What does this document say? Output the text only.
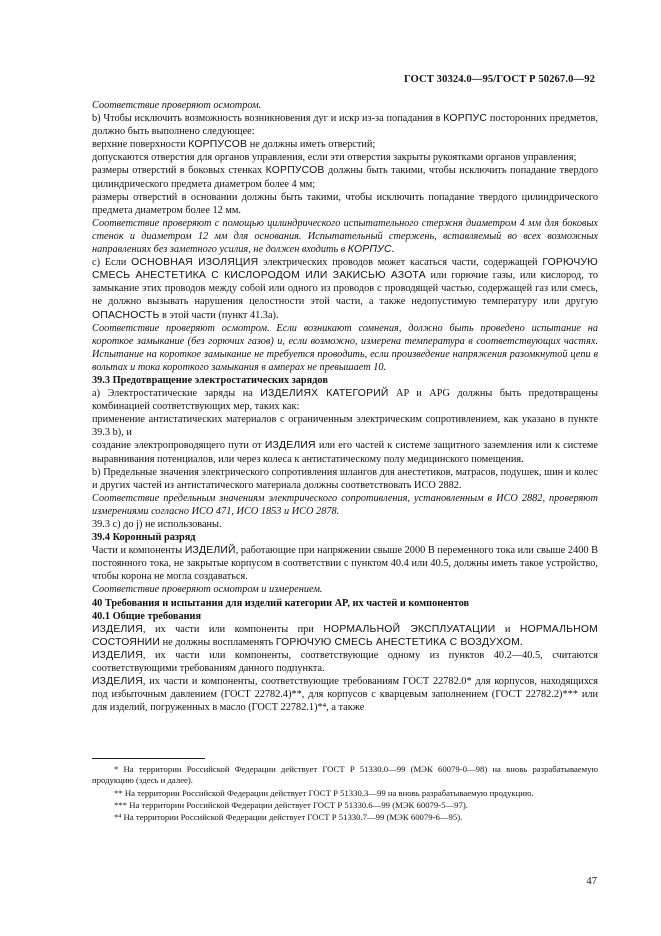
ГОСТ 30324.0—95/ГОСТ Р 50267.0—92

Соответствие проверяют осмотром.

b) Чтобы исключить возможность возникновения дуг и искр из-за попадания в КОРПУС посторонних предметов, должно быть выполнено следующее:

верхние поверхности КОРПУСОВ не должны иметь отверстий;

допускаются отверстия для органов управления, если эти отверстия закрыты рукоятками органов управления;

размеры отверстий в боковых стенках КОРПУСОВ должны быть такими, чтобы исключить попадание твердого цилиндрического предмета диаметром более 4 мм;

размеры отверстий в основании должны быть такими, чтобы исключить попадание твердого цилиндрического предмета диаметром более 12 мм.

Соответствие проверяют с помощью цилиндрического испытательного стержня диаметром 4 мм для боковых стенок и диаметром 12 мм для основания. Испытательный стержень, вставляемый во всех возможных направлениях без заметного усилия, не должен входить в КОРПУС.

c) Если ОСНОВНАЯ ИЗОЛЯЦИЯ электрических проводов может касаться части, содержащей ГОРЮЧУЮ СМЕСЬ АНЕСТЕТИКА С КИСЛОРОДОМ ИЛИ ЗАКИСЬЮ АЗОТА или горючие газы, или кислород, то замыкание этих проводов между собой или одного из проводов с проводящей частью, содержащей газ или смесь, не должно вызывать нарушения целостности этой части, а также недопустимую температуру или другую ОПАСНОСТЬ в этой части (пункт 41.3а).

Соответствие проверяют осмотром. Если возникают сомнения, должно быть проведено испытание на короткое замыкание (без горючих газов) и, если возможно, измерена температура в соответствующих частях. Испытание на короткое замыкание не требуется проводить, если произведение напряжения разомкнутой цепи в вольтах и тока короткого замыкания в амперах не превышает 10.

39.3 Предотвращение электростатических зарядов

a) Электростатические заряды на ИЗДЕЛИЯХ КАТЕГОРИЙ AP и APG должны быть предотвращены комбинацией соответствующих мер, таких как:

применение антистатических материалов с ограниченным электрическим сопротивлением, как указано в пункте 39.3 b), и

создание электропроводящего пути от ИЗДЕЛИЯ или его частей к системе защитного заземления или к системе выравнивания потенциалов, или через колеса к антистатическому полу медицинского помещения.

b) Предельные значения электрического сопротивления шлангов для анестетиков, матрасов, подушек, шин и колес и других частей из антистатического материала должны соответствовать ИСО 2882.

Соответствие предельным значениям электрического сопротивления, установленным в ИСО 2882, проверяют измерениями согласно ИСО 471, ИСО 1853 и ИСО 2878.

39.3 c) до j) не использованы.

39.4 Коронный разряд

Части и компоненты ИЗДЕЛИЙ, работающие при напряжении свыше 2000 В переменного тока или свыше 2400 В постоянного тока, не закрытые корпусом в соответствии с пунктом 40.4 или 40.5, должны иметь такое устройство, чтобы корона не могла создаваться.

Соответствие проверяют осмотром и измерением.

40 Требования и испытания для изделий категории AP, их частей и компонентов

40.1 Общие требования

ИЗДЕЛИЯ, их части или компоненты при НОРМАЛЬНОЙ ЭКСПЛУАТАЦИИ и НОРМАЛЬНОМ СОСТОЯНИИ не должны воспламенять ГОРЮЧУЮ СМЕСЬ АНЕСТЕТИКА С ВОЗДУХОМ.

ИЗДЕЛИЯ, их части или компоненты, соответствующие одному из пунктов 40.2—40.5, считаются соответствующими требованиям данного подпункта.

ИЗДЕЛИЯ, их части и компоненты, соответствующие требованиям ГОСТ 22782.0* для корпусов, находящихся под избыточным давлением (ГОСТ 22782.4)**, для корпусов с кварцевым заполнением (ГОСТ 22782.2)*** или для изделий, погруженных в масло (ГОСТ 22782.1)*⁴, а также

* На территории Российской Федерации действует ГОСТ Р 51330.0—99 (МЭК 60079-0—98) на вновь разрабатываемую продукцию (здесь и далее).

** На территории Российской Федерации действует ГОСТ Р 51330.3—99 на вновь разрабатываемую продукцию.

*** На территории Российской Федерации действует ГОСТ Р 51330.6—99 (МЭК 60079-5—97).

*⁴ На территории Российской Федерации действует ГОСТ Р 51330.7—99 (МЭК 60079-6—95).

47
